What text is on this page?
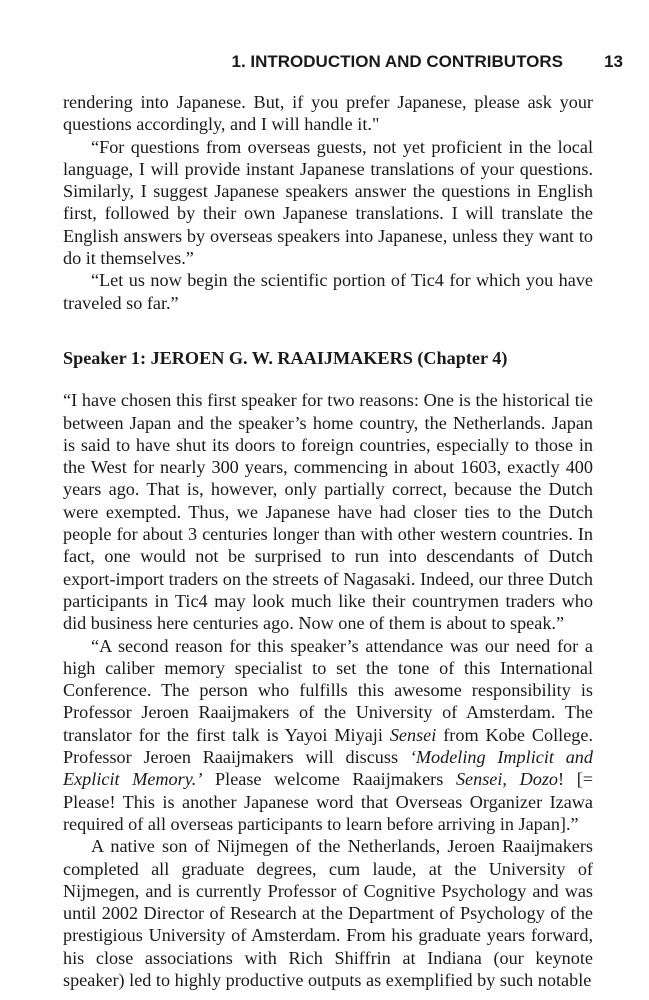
1. INTRODUCTION AND CONTRIBUTORS 13

rendering into Japanese. But, if you prefer Japanese, please ask your questions accordingly, and I will handle it."

“For questions from overseas guests, not yet proficient in the local language, I will provide instant Japanese translations of your questions. Similarly, I suggest Japanese speakers answer the questions in English first, followed by their own Japanese translations. I will translate the English answers by overseas speakers into Japanese, unless they want to do it themselves.”

“Let us now begin the scientific portion of Tic4 for which you have traveled so far.”

Speaker 1: JEROEN G. W. RAAIJMAKERS (Chapter 4)

“I have chosen this first speaker for two reasons: One is the historical tie between Japan and the speaker’s home country, the Netherlands. Japan is said to have shut its doors to foreign countries, especially to those in the West for nearly 300 years, commencing in about 1603, exactly 400 years ago. That is, however, only partially correct, because the Dutch were exempted. Thus, we Japanese have had closer ties to the Dutch people for about 3 centuries longer than with other western countries. In fact, one would not be surprised to run into descendants of Dutch export-import traders on the streets of Nagasaki. Indeed, our three Dutch participants in Tic4 may look much like their countrymen traders who did business here centuries ago. Now one of them is about to speak.”

“A second reason for this speaker’s attendance was our need for a high caliber memory specialist to set the tone of this International Conference. The person who fulfills this awesome responsibility is Professor Jeroen Raaijmakers of the University of Amsterdam. The translator for the first talk is Yayoi Miyaji Sensei from Kobe College. Professor Jeroen Raaijmakers will discuss ‘Modeling Implicit and Explicit Memory.’ Please welcome Raaijmakers Sensei, Dozo! [= Please! This is another Japanese word that Overseas Organizer Izawa required of all overseas participants to learn before arriving in Japan].”

A native son of Nijmegen of the Netherlands, Jeroen Raaijmakers completed all graduate degrees, cum laude, at the University of Nijmegen, and is currently Professor of Cognitive Psychology and was until 2002 Director of Research at the Department of Psychology of the prestigious University of Amsterdam. From his graduate years forward, his close associations with Rich Shiffrin at Indiana (our keynote speaker) led to highly productive outputs as exemplified by such notable
